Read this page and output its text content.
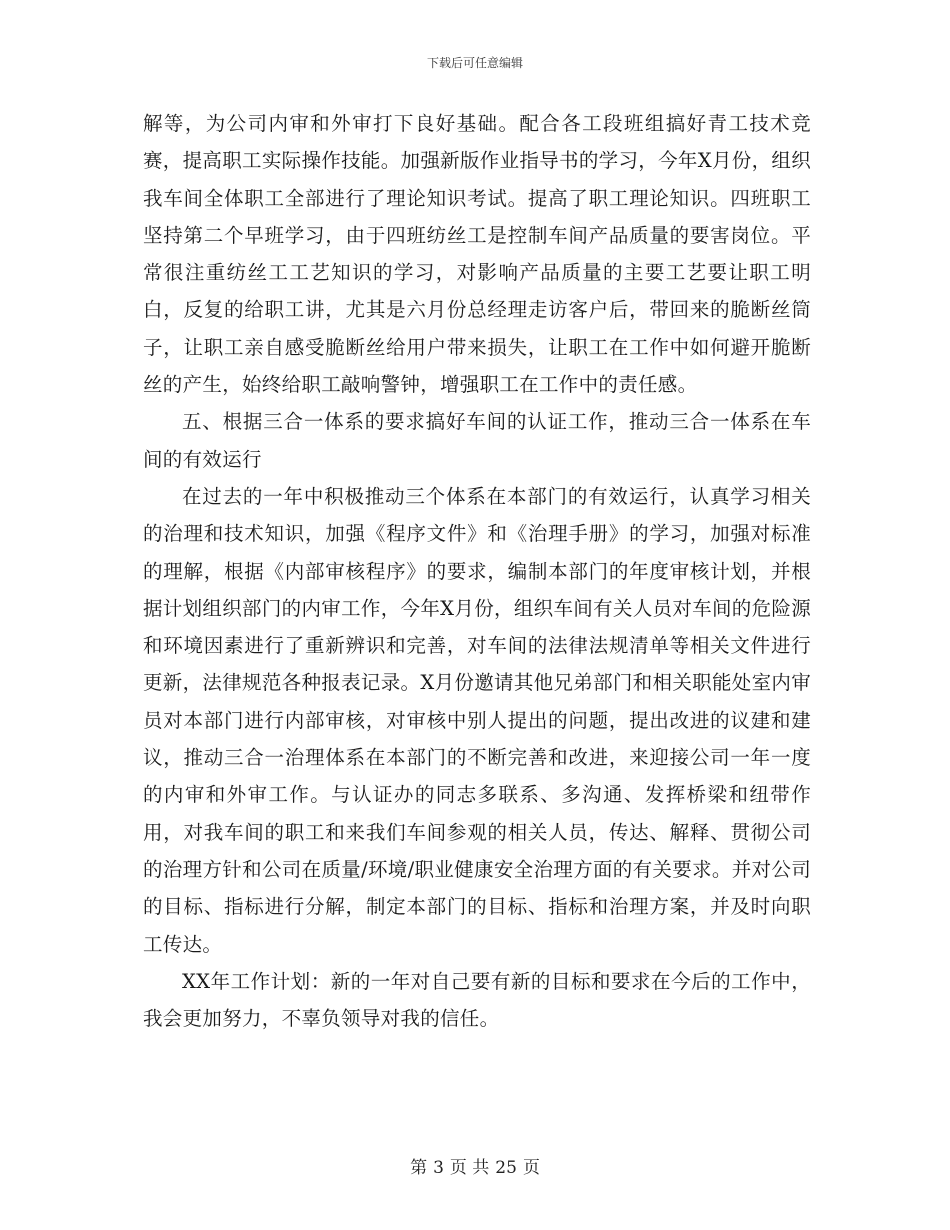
下载后可任意编辑

解等，为公司内审和外审打下良好基础。配合各工段班组搞好青工技术竞赛，提高职工实际操作技能。加强新版作业指导书的学习，今年X月份，组织我车间全体职工全部进行了理论知识考试。提高了职工理论知识。四班职工坚持第二个早班学习，由于四班纺丝工是控制车间产品质量的要害岗位。平常很注重纺丝工工艺知识的学习，对影响产品质量的主要工艺要让职工明白，反复的给职工讲，尤其是六月份总经理走访客户后，带回来的脆断丝筒子，让职工亲自感受脆断丝给用户带来损失，让职工在工作中如何避开脆断丝的产生，始终给职工敲响警钟，增强职工在工作中的责任感。

五、根据三合一体系的要求搞好车间的认证工作，推动三合一体系在车间的有效运行

在过去的一年中积极推动三个体系在本部门的有效运行，认真学习相关的治理和技术知识，加强《程序文件》和《治理手册》的学习，加强对标准的理解，根据《内部审核程序》的要求，编制本部门的年度审核计划，并根据计划组织部门的内审工作，今年X月份，组织车间有关人员对车间的危险源和环境因素进行了重新辨识和完善，对车间的法律法规清单等相关文件进行更新，法律规范各种报表记录。X月份邀请其他兄弟部门和相关职能处室内审员对本部门进行内部审核，对审核中别人提出的问题，提出改进的议建和建议，推动三合一治理体系在本部门的不断完善和改进，来迎接公司一年一度的内审和外审工作。与认证办的同志多联系、多沟通、发挥桥梁和纽带作用，对我车间的职工和来我们车间参观的相关人员，传达、解释、贯彻公司的治理方针和公司在质量/环境/职业健康安全治理方面的有关要求。并对公司的目标、指标进行分解，制定本部门的目标、指标和治理方案，并及时向职工传达。

XX年工作计划：新的一年对自己要有新的目标和要求在今后的工作中，我会更加努力，不辜负领导对我的信任。

第 3 页 共 25 页
